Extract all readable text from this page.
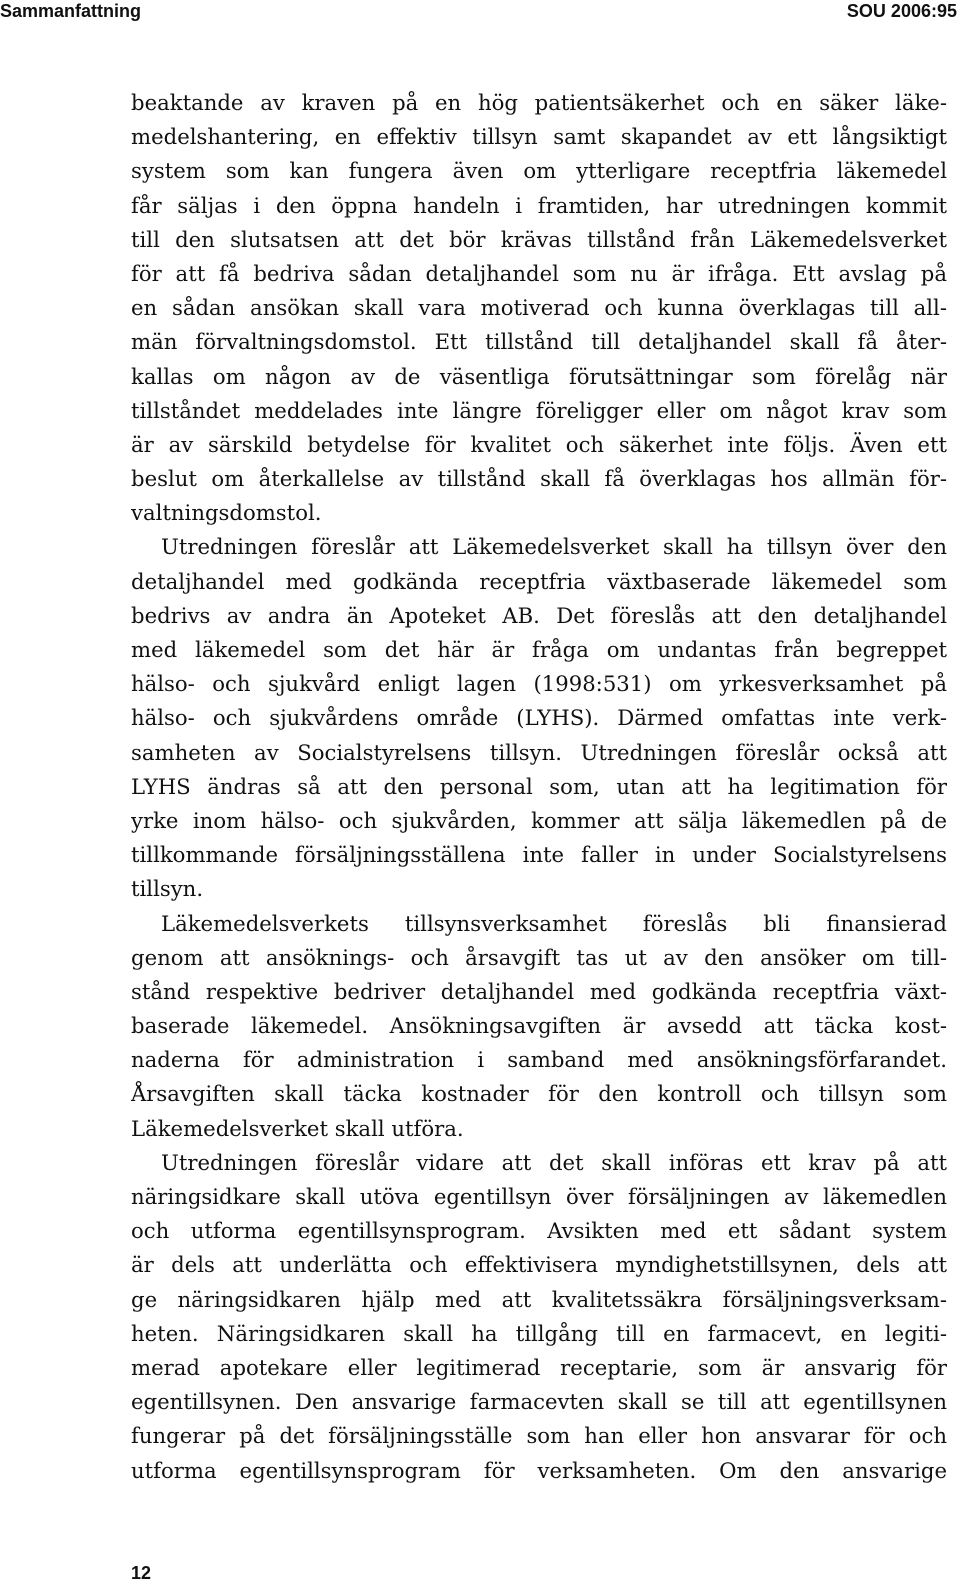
Sammanfattning	SOU 2006:95
beaktande av kraven på en hög patientsäkerhet och en säker läke-
medelshantering, en effektiv tillsyn samt skapandet av ett långsiktigt
system som kan fungera även om ytterligare receptfria läkemedel
får säljas i den öppna handeln i framtiden, har utredningen kommit
till den slutsatsen att det bör krävas tillstånd från Läkemedelsverket
för att få bedriva sådan detaljhandel som nu är ifråga. Ett avslag på
en sådan ansökan skall vara motiverad och kunna överklagas till all-
män förvaltningsdomstol. Ett tillstånd till detaljhandel skall få åter-
kallas om någon av de väsentliga förutsättningar som förelåg när
tillståndet meddelades inte längre föreligger eller om något krav som
är av särskild betydelse för kvalitet och säkerhet inte följs. Även ett
beslut om återkallelse av tillstånd skall få överklagas hos allmän för-
valtningsdomstol.
Utredningen föreslår att Läkemedelsverket skall ha tillsyn över den
detaljhandel med godkända receptfria växtbaserade läkemedel som
bedrivs av andra än Apoteket AB. Det föreslås att den detaljhandel
med läkemedel som det här är fråga om undantas från begreppet
hälso- och sjukvård enligt lagen (1998:531) om yrkesverksamhet på
hälso- och sjukvårdens område (LYHS). Därmed omfattas inte verk-
samheten av Socialstyrelsens tillsyn. Utredningen föreslår också att
LYHS ändras så att den personal som, utan att ha legitimation för
yrke inom hälso- och sjukvården, kommer att sälja läkemedlen på de
tillkommande försäljningsställena inte faller in under Socialstyrelsens
tillsyn.
Läkemedelsverkets tillsynsverksamhet föreslås bli finansierad
genom att ansöknings- och årsavgift tas ut av den ansöker om till-
stånd respektive bedriver detaljhandel med godkända receptfria växt-
baserade läkemedel. Ansökningsavgiften är avsedd att täcka kost-
naderna för administration i samband med ansökningsförfarandet.
Årsavgiften skall täcka kostnader för den kontroll och tillsyn som
Läkemedelsverket skall utföra.
Utredningen föreslår vidare att det skall införas ett krav på att
näringsidkare skall utöva egentillsyn över försäljningen av läkemedlen
och utforma egentillsynsprogram. Avsikten med ett sådant system
är dels att underlätta och effektivisera myndighetstillsynen, dels att
ge näringsidkaren hjälp med att kvalitetssäkra försäljningsverksam-
heten. Näringsidkaren skall ha tillgång till en farmacevt, en legiti-
merad apotekare eller legitimerad receptarie, som är ansvarig för
egentillsynen. Den ansvarige farmacevten skall se till att egentillsynen
fungerar på det försäljningsställe som han eller hon ansvarar för och
utforma egentillsynsprogram för verksamheten. Om den ansvarige
12
